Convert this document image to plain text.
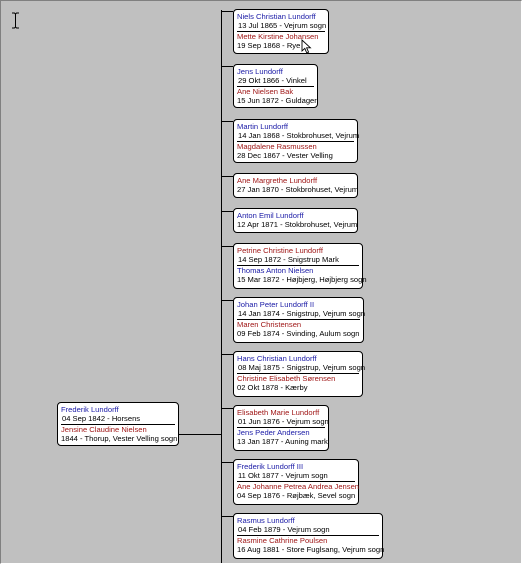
Frederik Lundorff
04 Sep 1842 - Horsens
Jensine Claudine Nielsen
1844 - Thorup, Vester Velling sogn
Niels Christian Lundorff
13 Jul 1865 - Vejrum sogn
Mette Kirstine Johansen
19 Sep 1868 - Rye
Jens Lundorff
29 Okt 1866 - Vinkel
Ane Nielsen Bak
15 Jun 1872 - Guldager
Martin Lundorff
14 Jan 1868 - Stokbrohuset, Vejrum
Magdalene Rasmussen
28 Dec 1867 - Vester Velling
Ane Margrethe Lundorff
27 Jan 1870 - Stokbrohuset, Vejrum
Anton Emil Lundorff
12 Apr 1871 - Stokbrohuset, Vejrum
Petrine Christine Lundorff
14 Sep 1872 - Snigstrup Mark
Thomas Anton Nielsen
15 Mar 1872 - Højbjerg, Højbjerg sogn
Johan Peter Lundorff II
14 Jan 1874 - Snigstrup, Vejrum sogn
Maren Christensen
09 Feb 1874 - Svinding, Aulum sogn
Hans Christian Lundorff
08 Maj 1875 - Snigstrup, Vejrum sogn
Christine Elisabeth Sørensen
02 Okt 1878 - Kærby
Elisabeth Marie Lundorff
01 Jun 1876 - Vejrum sogn
Jens Peder Andersen
13 Jan 1877 - Auning mark
Frederik Lundorff III
11 Okt 1877 - Vejrum sogn
Ane Johanne Petrea Andrea Jensen
04 Sep 1876 - Røjbæk, Sevel sogn
Rasmus Lundorff
04 Feb 1879 - Vejrum sogn
Rasmine Cathrine Poulsen
16 Aug 1881 - Store Fuglsang, Vejrum sogn
